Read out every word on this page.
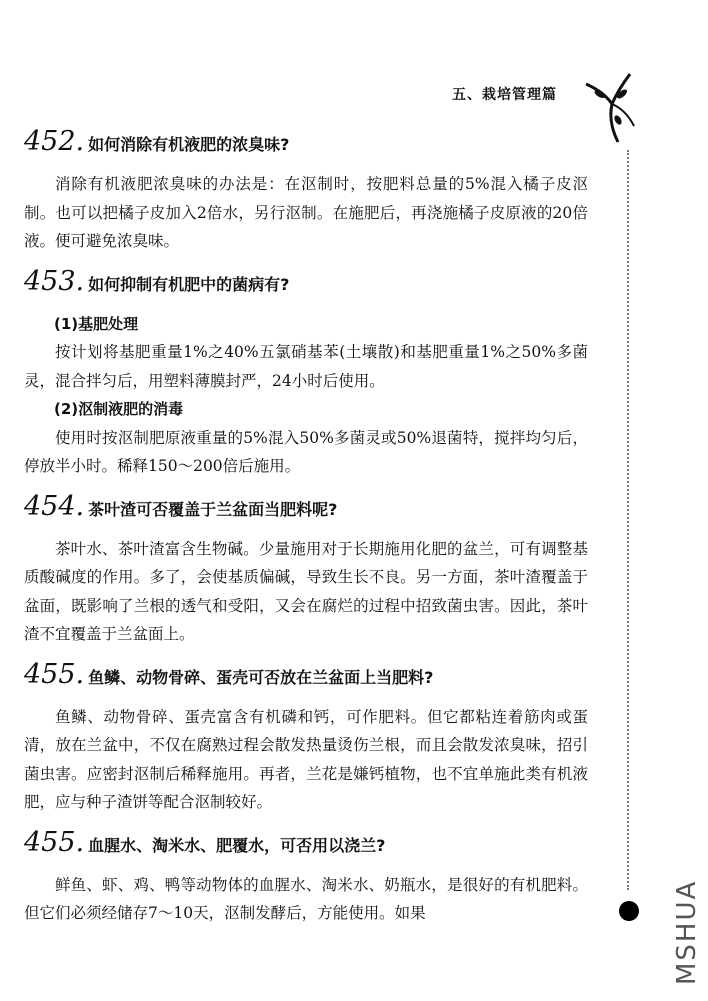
五、栽培管理篇
MSHUA
452. 如何消除有机液肥的浓臭味?

消除有机液肥浓臭味的办法是：在沤制时，按肥料总量的5%混入橘子皮沤制。也可以把橘子皮加入2倍水，另行沤制。在施肥后，再浇施橘子皮原液的20倍液。便可避免浓臭味。

453. 如何抑制有机肥中的菌病有?

(1)基肥处理

按计划将基肥重量1%之40%五氯硝基苯(土壤散)和基肥重量1%之50%多菌灵，混合拌匀后，用塑料薄膜封严，24小时后使用。

(2)沤制液肥的消毒

使用时按沤制肥原液重量的5%混入50%多菌灵或50%退菌特，搅拌均匀后，停放半小时。稀释150～200倍后施用。

454. 茶叶渣可否覆盖于兰盆面当肥料呢?

茶叶水、茶叶渣富含生物碱。少量施用对于长期施用化肥的盆兰，可有调整基质酸碱度的作用。多了，会使基质偏碱，导致生长不良。另一方面，茶叶渣覆盖于盆面，既影响了兰根的透气和受阳，又会在腐烂的过程中招致菌虫害。因此，茶叶渣不宜覆盖于兰盆面上。

455. 鱼鳞、动物骨碎、蛋壳可否放在兰盆面上当肥料?

鱼鳞、动物骨碎、蛋壳富含有机磷和钙，可作肥料。但它都粘连着筋肉或蛋清，放在兰盆中，不仅在腐熟过程会散发热量烫伤兰根，而且会散发浓臭味，招引菌虫害。应密封沤制后稀释施用。再者，兰花是嫌钙植物，也不宜单施此类有机液肥，应与种子渣饼等配合沤制较好。

455. 血腥水、淘米水、肥覆水，可否用以浇兰?

鲜鱼、虾、鸡、鸭等动物体的血腥水、淘米水、奶瓶水，是很好的有机肥料。但它们必须经储存7～10天，沤制发酵后，方能使用。如果
